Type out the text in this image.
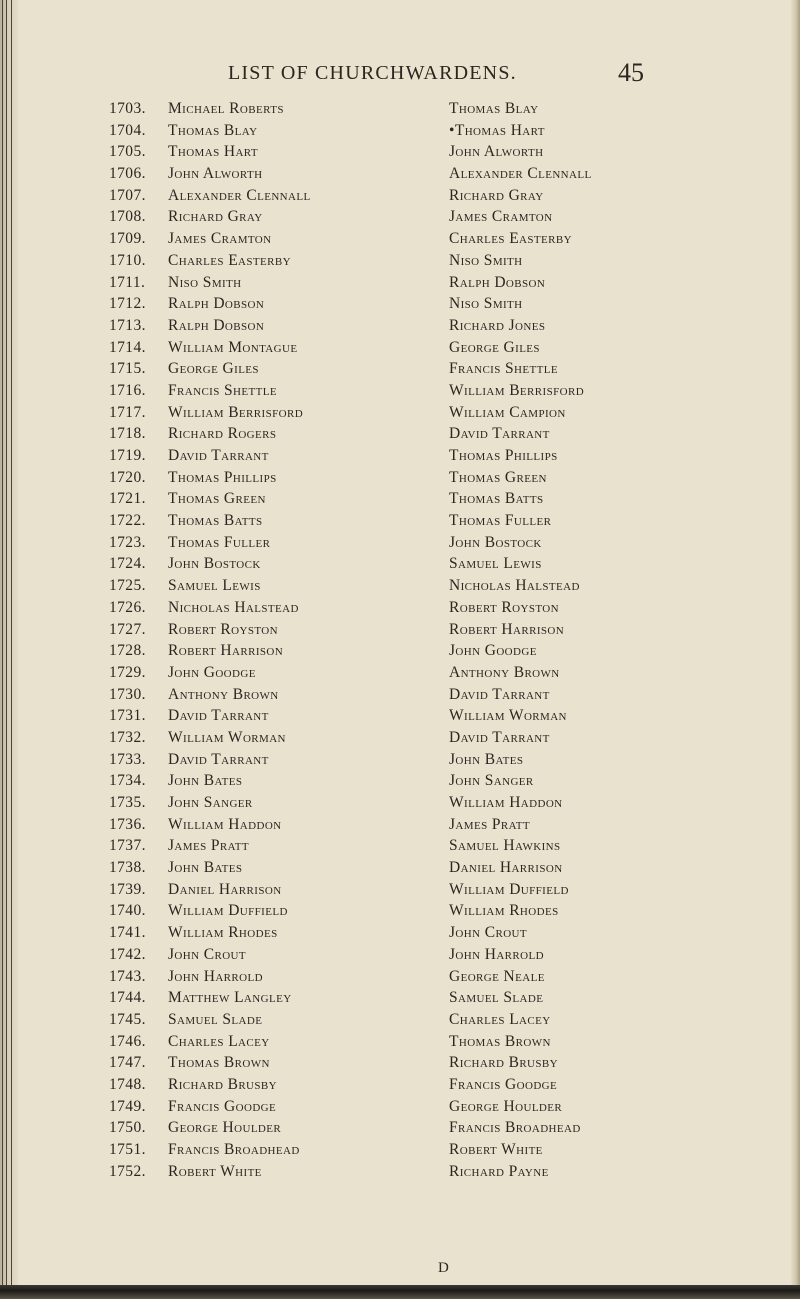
LIST OF CHURCHWARDENS.	45
1703. Michael Roberts	Thomas Blay
1704. Thomas Blay	•Thomas Hart
1705. Thomas Hart	John Alworth
1706. John Alworth	Alexander Clennall
1707. Alexander Clennall	Richard Gray
1708. Richard Gray	James Cramton
1709. James Cramton	Charles Easterby
1710. Charles Easterby	Niso Smith
1711. Niso Smith	Ralph Dobson
1712. Ralph Dobson	Niso Smith
1713. Ralph Dobson	Richard Jones
1714. William Montague	George Giles
1715. George Giles	Francis Shettle
1716. Francis Shettle	William Berrisford
1717. William Berrisford	William Campion
1718. Richard Rogers	David Tarrant
1719. David Tarrant	Thomas Phillips
1720. Thomas Phillips	Thomas Green
1721. Thomas Green	Thomas Batts
1722. Thomas Batts	Thomas Fuller
1723. Thomas Fuller	John Bostock
1724. John Bostock	Samuel Lewis
1725. Samuel Lewis	Nicholas Halstead
1726. Nicholas Halstead	Robert Royston
1727. Robert Royston	Robert Harrison
1728. Robert Harrison	John Goodge
1729. John Goodge	Anthony Brown
1730. Anthony Brown	David Tarrant
1731. David Tarrant	William Worman
1732. William Worman	David Tarrant
1733. David Tarrant	John Bates
1734. John Bates	John Sanger
1735. John Sanger	William Haddon
1736. William Haddon	James Pratt
1737. James Pratt	Samuel Hawkins
1738. John Bates	Daniel Harrison
1739. Daniel Harrison	William Duffield
1740. William Duffield	William Rhodes
1741. William Rhodes	John Crout
1742. John Crout	John Harrold
1743. John Harrold	George Neale
1744. Matthew Langley	Samuel Slade
1745. Samuel Slade	Charles Lacey
1746. Charles Lacey	Thomas Brown
1747. Thomas Brown	Richard Brusby
1748. Richard Brusby	Francis Goodge
1749. Francis Goodge	George Houlder
1750. George Houlder	Francis Broadhead
1751. Francis Broadhead	Robert White
1752. Robert White	Richard Payne
D
